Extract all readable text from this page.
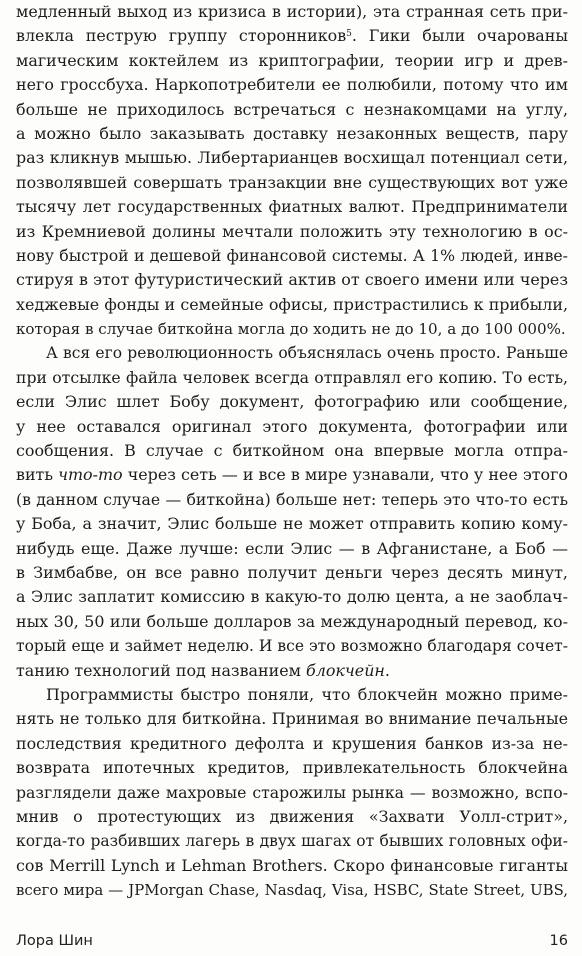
медленный выход из кризиса в истории), эта странная сеть при-
влекла пеструю группу сторонников$^5$. Гики были очарованы
магическим коктейлем из криптографии, теории игр и древ-
него гроссбуха. Наркопотребители ее полюбили, потому что им
больше не приходилось встречаться с незнакомцами на углу,
а можно было заказывать доставку незаконных веществ, пару
раз кликнув мышью. Либертарианцев восхищал потенциал сети,
позволявшей совершать транзакции вне существующих вот уже
тысячу лет государственных фиатных валют. Предприниматели
из Кремниевой долины мечтали положить эту технологию в ос-
нову быстрой и дешевой финансовой системы. А 1% людей, инве-
стируя в этот футуристический актив от своего имени или через
хеджевые фонды и семейные офисы, пристрастились к прибыли,
которая в случае биткойна могла до ходить не до 10, а до 100 000%.
А вся его революционность объяснялась очень просто. Раньше
при отсылке файла человек всегда отправлял его копию. То есть,
если Элис шлет Бобу документ, фотографию или сообщение,
у нее оставался оригинал этого документа, фотографии или
сообщения. В случае с биткойном она впервые могла отпра-
вить что-то через сеть — и все в мире узнавали, что у нее этого
(в данном случае — биткойна) больше нет: теперь это что-то есть
у Боба, а значит, Элис больше не может отправить копию кому-
нибудь еще. Даже лучше: если Элис — в Афганистане, а Боб —
в Зимбабве, он все равно получит деньги через десять минут,
а Элис заплатит комиссию в какую-то долю цента, а не заоблач-
ных 30, 50 или больше долларов за международный перевод, ко-
торый еще и займет неделю. И все это возможно благодаря сочет-
танию технологий под названием блокчейн.
Программисты быстро поняли, что блокчейн можно приме-
нять не только для биткойна. Принимая во внимание печальные
последствия кредитного дефолта и крушения банков из-за не-
возврата ипотечных кредитов, привлекательность блокчейна
разглядели даже махровые старожилы рынка — возможно, вспо-
мнив о протестующих из движения «Захвати Уолл-стрит»,
когда-то разбивших лагерь в двух шагах от бывших головных офи-
сов Merrill Lynch и Lehman Brothers. Скоро финансовые гиганты
всего мира — JPMorgan Chase, Nasdaq, Visa, HSBC, State Street, UBS,
Лора Шин	16
